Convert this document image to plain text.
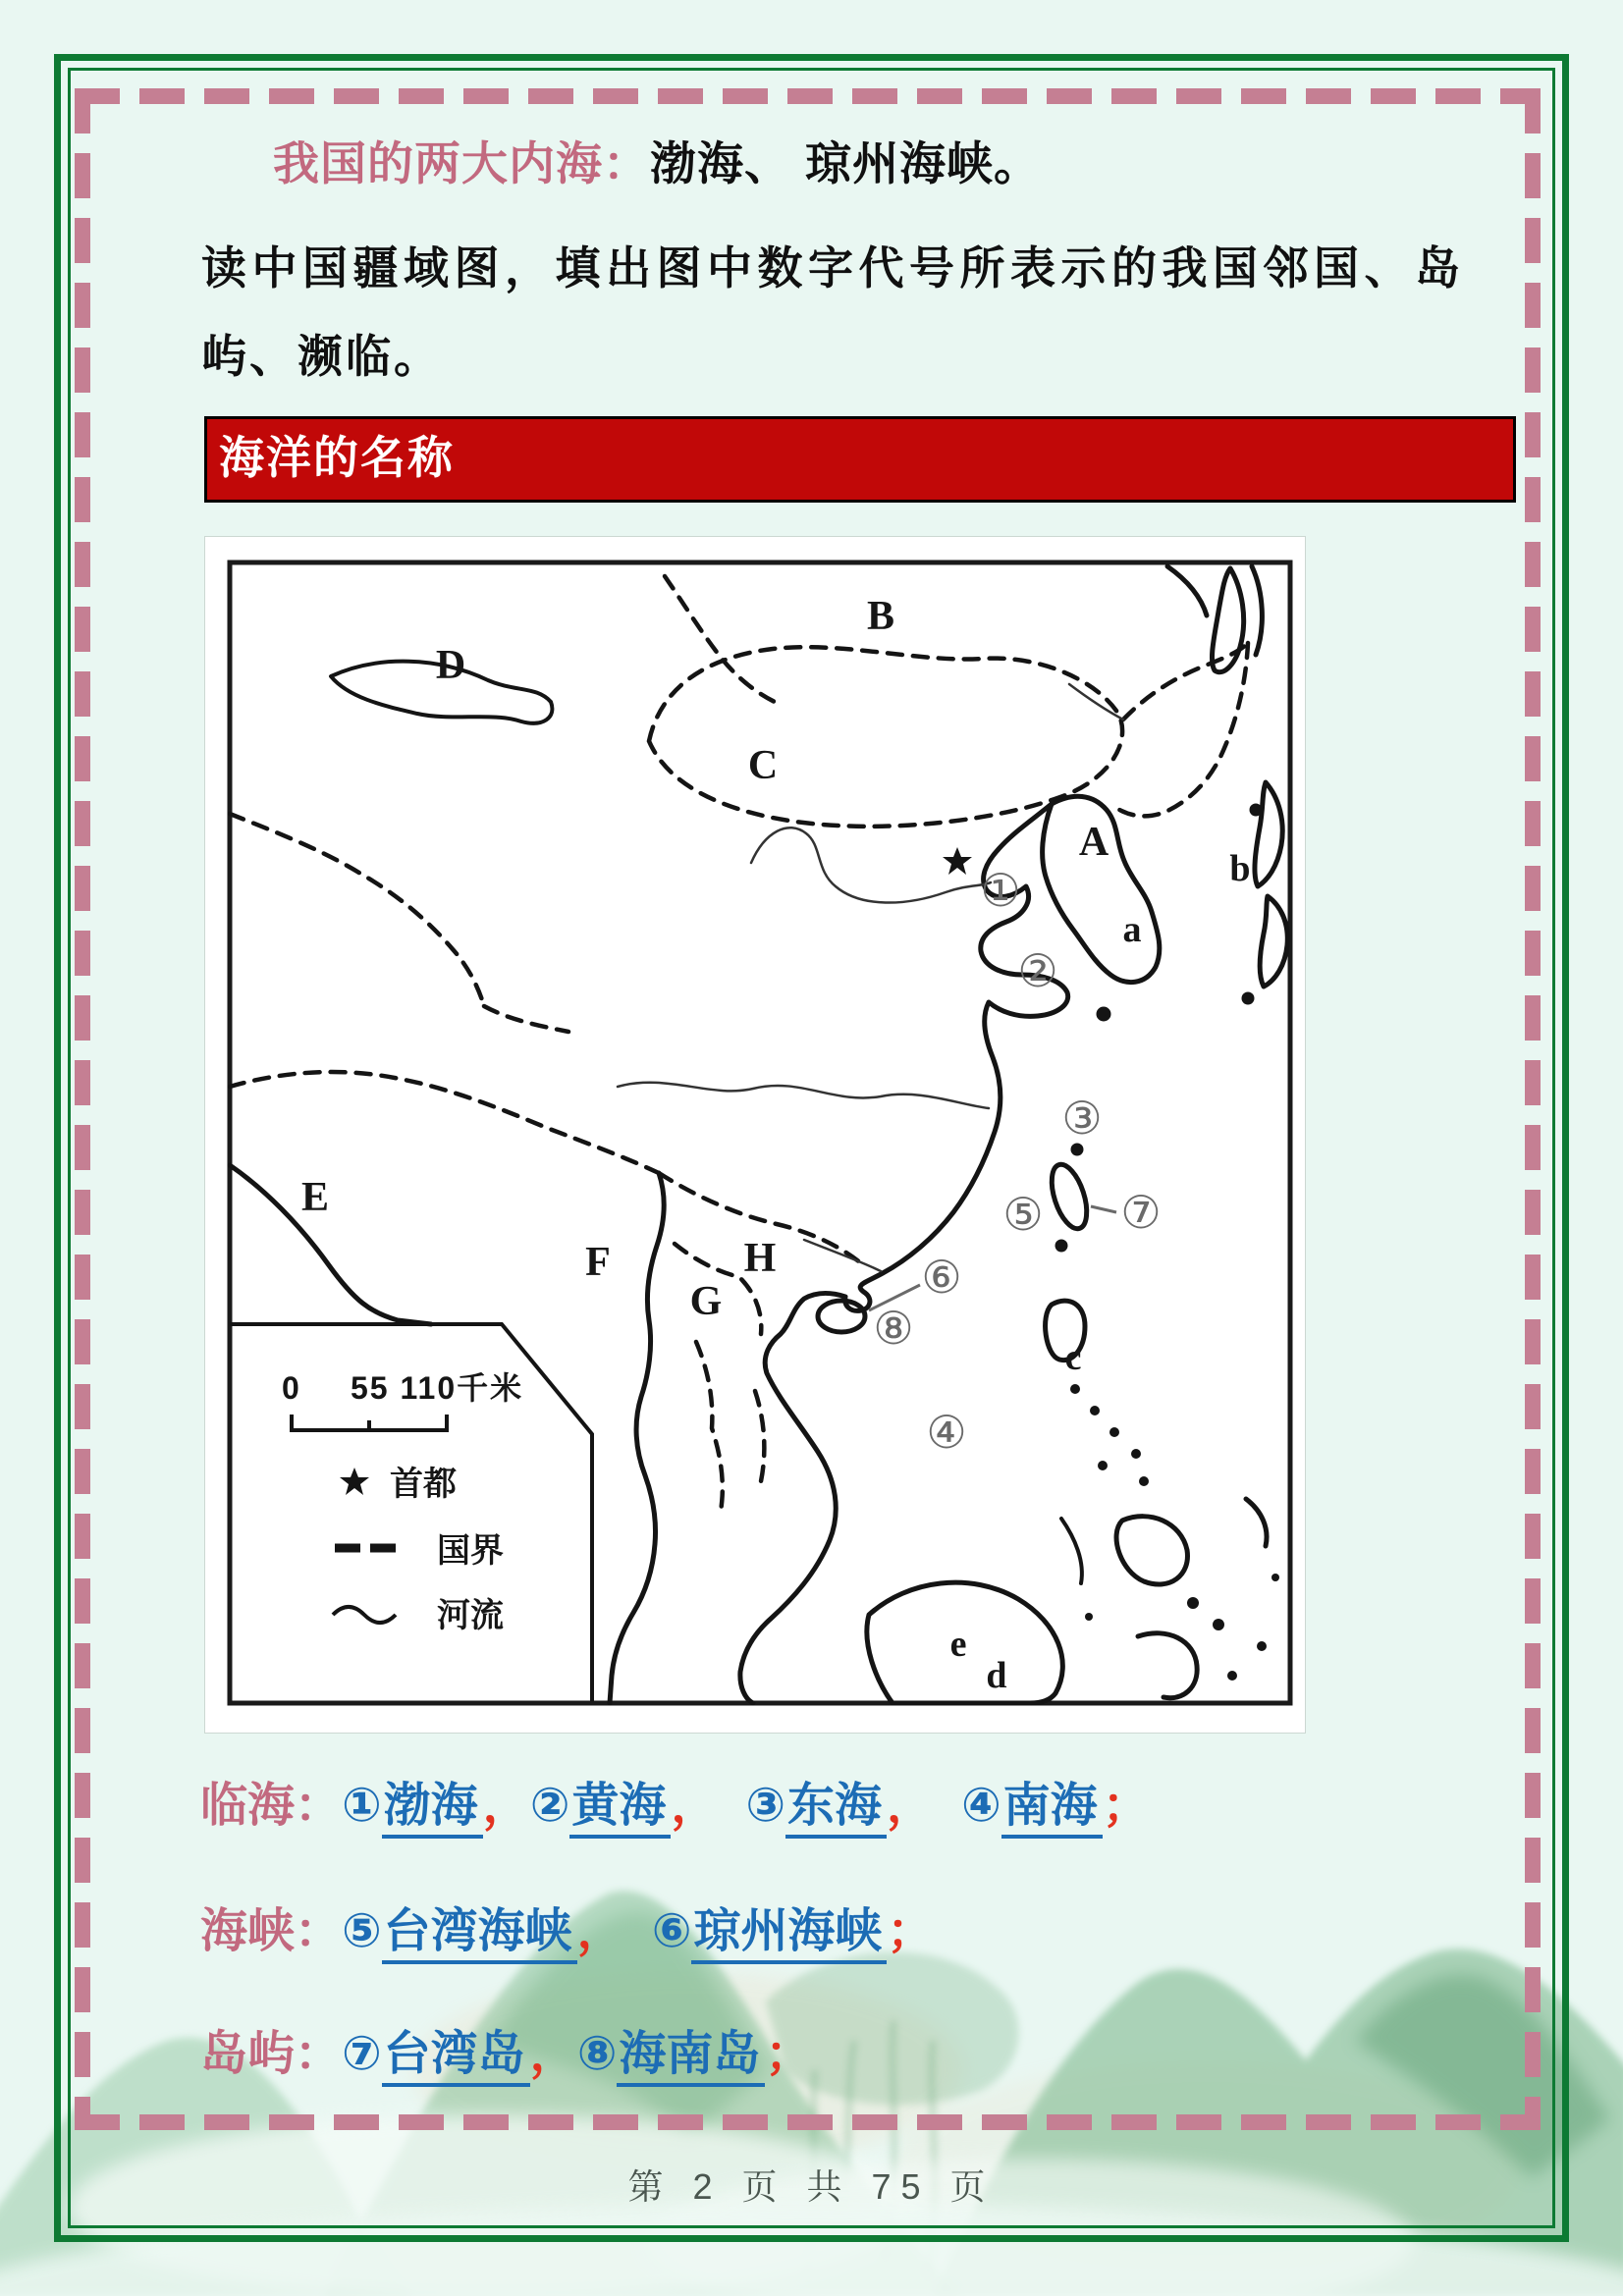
我国的两大内海：渤海、 琼州海峡。
读中国疆域图，填出图中数字代号所表示的我国邻国、岛屿、濒临。
海洋的名称
0 55 110千米
首都
国界
河流
D
B
C
A
a
b
E
F	H
G
c
e
d
①
②
③
④
⑤
⑥
⑦
⑧
临海：①渤海 ，②黄海 ， ③东海 ， ④南海 ；
海峡：⑤台湾海峡 ， ⑥琼州海峡 ；
岛屿：⑦台湾岛 ，⑧海南岛 ；
第 2 页 共 75 页
